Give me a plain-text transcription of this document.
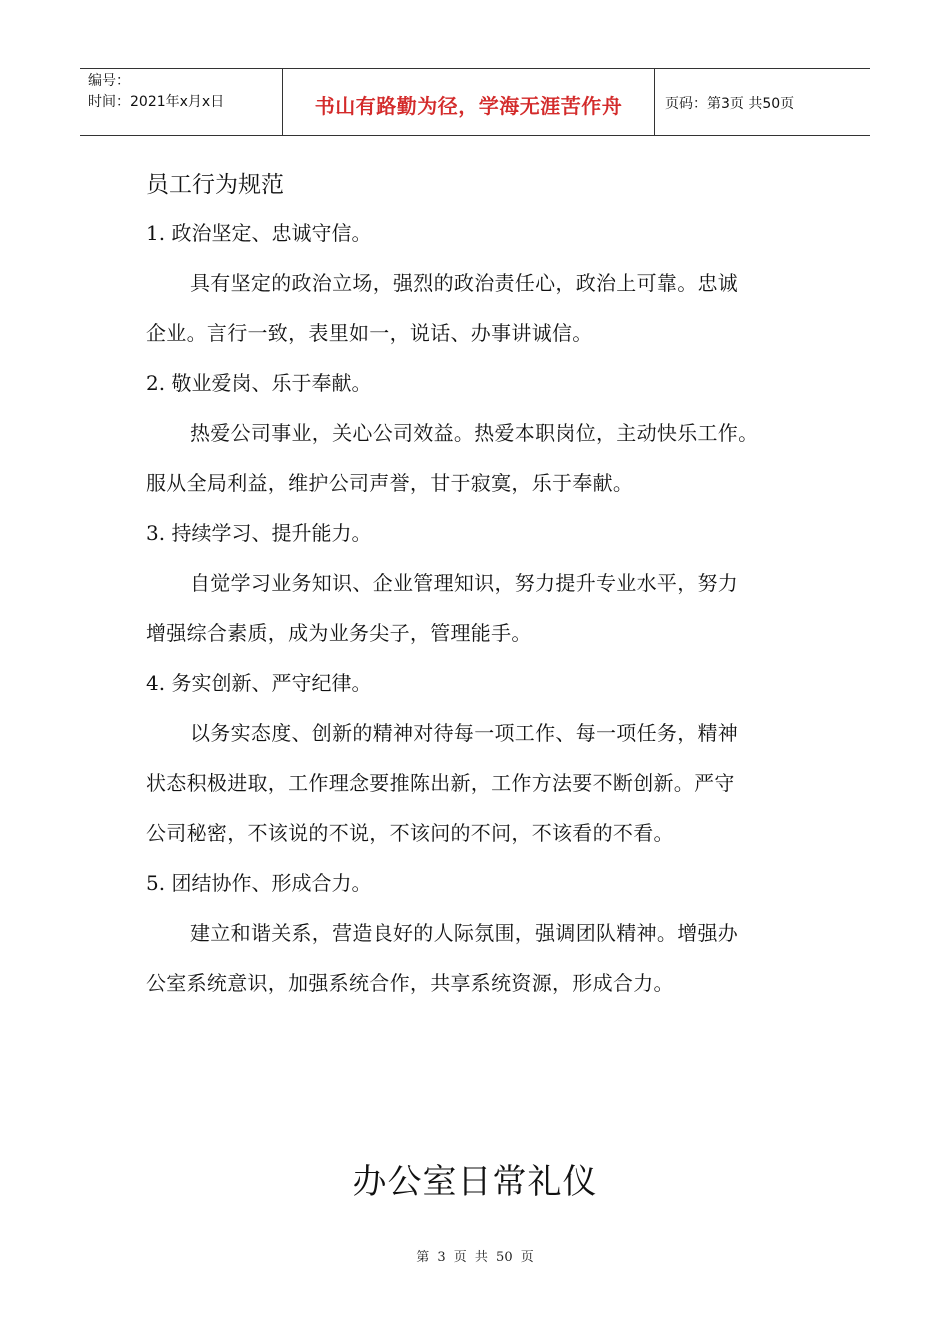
编号：
时间：2021年x月x日	书山有路勤为径，学海无涯苦作舟	页码：第3页 共50页
员工行为规范

1. 政治坚定、忠诚守信。

具有坚定的政治立场，强烈的政治责任心，政治上可靠。忠诚
企业。言行一致，表里如一，说话、办事讲诚信。

2. 敬业爱岗、乐于奉献。

热爱公司事业，关心公司效益。热爱本职岗位，主动快乐工作。
服从全局利益，维护公司声誉，甘于寂寞，乐于奉献。

3. 持续学习、提升能力。

自觉学习业务知识、企业管理知识，努力提升专业水平，努力
增强综合素质，成为业务尖子，管理能手。

4. 务实创新、严守纪律。

以务实态度、创新的精神对待每一项工作、每一项任务，精神
状态积极进取，工作理念要推陈出新，工作方法要不断创新。严守
公司秘密，不该说的不说，不该问的不问，不该看的不看。

5. 团结协作、形成合力。

建立和谐关系，营造良好的人际氛围，强调团队精神。增强办
公室系统意识，加强系统合作，共享系统资源，形成合力。

办公室日常礼仪
第 3 页 共 50 页
